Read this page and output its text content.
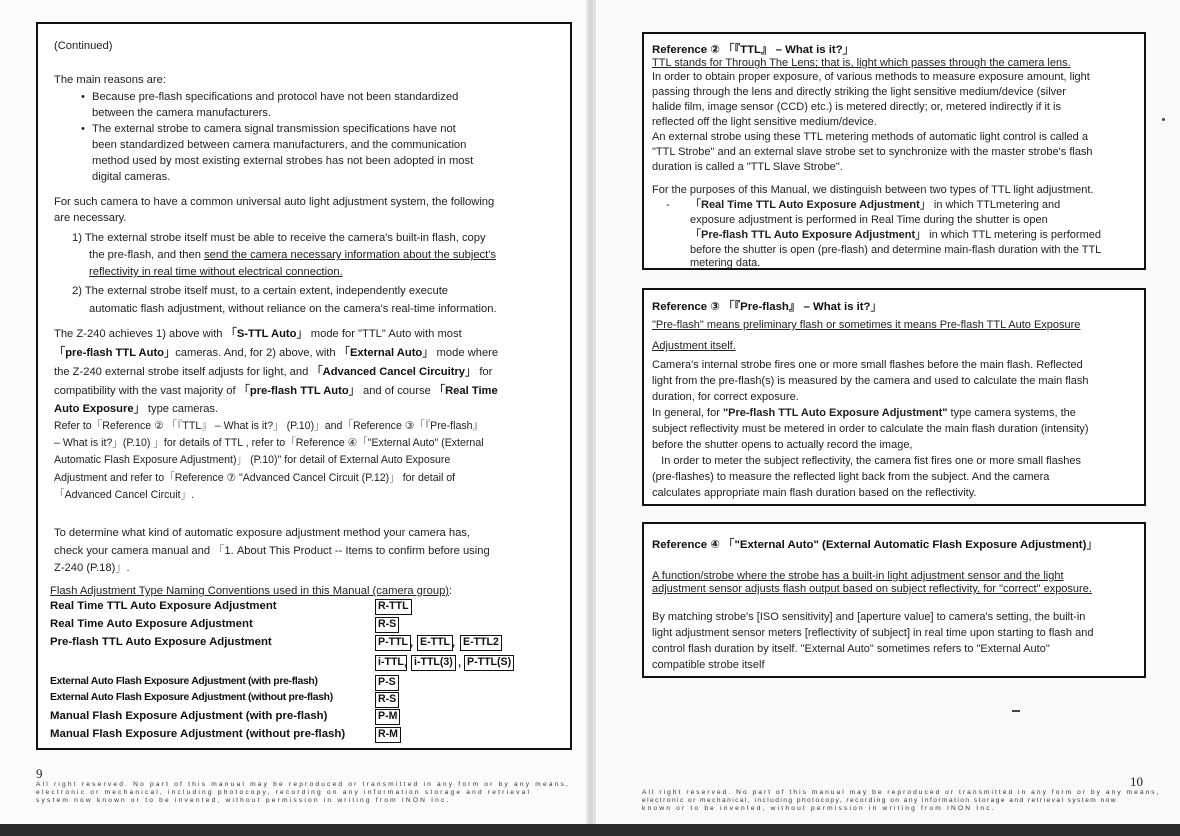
(Continued)
The main reasons are:
• Because pre-flash specifications and protocol have not been standardized
between the camera manufacturers.
• The external strobe to camera signal transmission specifications have not
been standardized between camera manufacturers, and the communication
method used by most existing external strobes has not been adopted in most
digital cameras.
For such camera to have a common universal auto light adjustment system, the following
are necessary.
1) The external strobe itself must be able to receive the camera's built-in flash, copy
the pre-flash, and then send the camera necessary information about the subject's
reflectivity in real time without electrical connection.
2) The external strobe itself must, to a certain extent, independently execute
automatic flash adjustment, without reliance on the camera's real-time information.
The Z-240 achieves 1) above with 「S-TTL Auto」 mode for "TTL" Auto with most
「pre-flash TTL Auto」cameras. And, for 2) above, with 「External Auto」 mode where
the Z-240 external strobe itself adjusts for light, and 「Advanced Cancel Circuitry」 for
compatibility with the vast majority of 「pre-flash TTL Auto」 and of course 「Real Time
Auto Exposure」 type cameras.
Refer to「Reference ② 「『TTL』 – What is it?」 (P.10)」and「Reference ③「『Pre-flash』
– What is it?」(P.10) 」for details of TTL , refer to「Reference ④「"External Auto" (External
Automatic Flash Exposure Adjustment)」 (P.10)" for detail of External Auto Exposure
Adjustment and refer to「Reference ⑦ "Advanced Cancel Circuit (P.12)」 for detail of
「Advanced Cancel Circuit」.
To determine what kind of automatic exposure adjustment method your camera has,
check your camera manual and 「1. About This Product -- Items to confirm before using
Z-240 (P.18)」.
Flash Adjustment Type Naming Conventions used in this Manual (camera group):
Real Time TTL Auto Exposure Adjustment
Real Time Auto Exposure Adjustment
Pre-flash TTL Auto Exposure Adjustment
External Auto Flash Exposure Adjustment (with pre-flash)
External Auto Flash Exposure Adjustment (without pre-flash)
Manual Flash Exposure Adjustment (with pre-flash)
Manual Flash Exposure Adjustment (without pre-flash)
R-TTL
R-S
P-TTL , E-TTL , E-TTL2
i-TTL , i-TTL(3) , P-TTL(S)
P-S
R-S
P-M
R-M
9
All right reserved. No part of this manual may be reproduced or transmitted in any form or by any means,
electronic or mechanical, including photocopy, recording on any information storage and retrieval
system now known or to be invented, without permission in writing from INON Inc.
Reference ② 「『TTL』 – What is it?」
TTL stands for Through The Lens; that is, light which passes through the camera lens.
In order to obtain proper exposure, of various methods to measure exposure amount, light
passing through the lens and directly striking the light sensitive medium/device (silver
halide film, image sensor (CCD) etc.) is metered directly; or, metered indirectly if it is
reflected off the light sensitive medium/device.
An external strobe using these TTL metering methods of automatic light control is called a
"TTL Strobe" and an external slave strobe set to synchronize with the master strobe's flash
duration is called a "TTL Slave Strobe".
For the purposes of this Manual, we distinguish between two types of TTL light adjustment.
- 「Real Time TTL Auto Exposure Adjustment」 in which TTLmetering and
exposure adjustment is performed in Real Time during the shutter is open
「Pre-flash TTL Auto Exposure Adjustment」 in which TTL metering is performed
before the shutter is open (pre-flash) and determine main-flash duration with the TTL
metering data.
Reference ③ 「『Pre-flash』 – What is it?」
"Pre-flash" means preliminary flash or sometimes it means Pre-flash TTL Auto Exposure
Adjustment itself.
Camera's internal strobe fires one or more small flashes before the main flash. Reflected
light from the pre-flash(s) is measured by the camera and used to calculate the main flash
duration, for correct exposure.
In general, for "Pre-flash TTL Auto Exposure Adjustment" type camera systems, the
subject reflectivity must be metered in order to calculate the main flash duration (intensity)
before the shutter opens to actually record the image,
In order to meter the subject reflectivity, the camera fist fires one or more small flashes
(pre-flashes) to measure the reflected light back from the subject. And the camera
calculates appropriate main flash duration based on the reflectivity.
Reference ④ 「"External Auto" (External Automatic Flash Exposure Adjustment)」
A function/strobe where the strobe has a built-in light adjustment sensor and the light
adjustment sensor adjusts flash output based on subject reflectivity, for "correct" exposure.
By matching strobe's [ISO sensitivity] and [aperture value] to camera's setting, the built-in
light adjustment sensor meters [reflectivity of subject] in real time upon starting to flash and
control flash duration by itself. "External Auto" sometimes refers to "External Auto"
compatible strobe itself
10
All right reserved. No part of this manual may be reproduced or transmitted in any form or by any means,
electronic or mechanical, including photocopy, recording on any information storage and retrieval system now
known or to be invented, without permission in writing from INON Inc.
